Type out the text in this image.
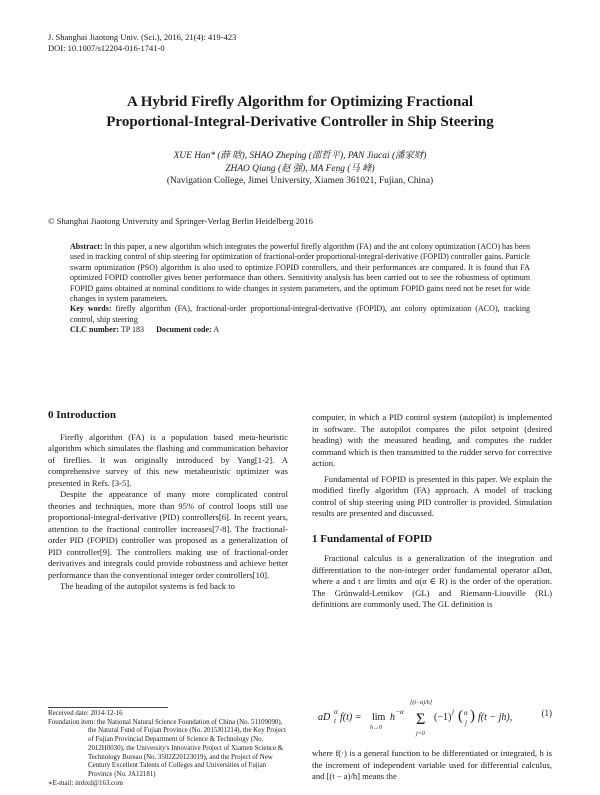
J. Shanghai Jiaotong Univ. (Sci.), 2016, 21(4): 419-423
DOI: 10.1007/s12204-016-1741-0
A Hybrid Firefly Algorithm for Optimizing Fractional
Proportional-Integral-Derivative Controller in Ship Steering
XUE Han* (薛 晗), SHAO Zheping (邵哲平), PAN Jiacai (潘家财)
ZHAO Qiang (赵 强), MA Feng (马 峰)
(Navigation College, Jimei University, Xiamen 361021, Fujian, China)
© Shanghai Jiaotong University and Springer-Verlag Berlin Heidelberg 2016
Abstract: In this paper, a new algorithm which integrates the powerful firefly algorithm (FA) and the ant colony optimization (ACO) has been used in tracking control of ship steering for optimization of fractional-order proportional-integral-derivative (FOPID) controller gains. Particle swarm optimization (PSO) algorithm is also used to optimize FOPID controllers, and their performances are compared. It is found that FA optimized FOPID controller gives better performance than others. Sensitivity analysis has been carried out to see the robustness of optimum FOPID gains obtained at nominal conditions to wide changes in system parameters, and the optimum FOPID gains need not be reset for wide changes in system parameters.
Key words: firefly algorithm (FA), fractional-order proportional-integral-derivative (FOPID), ant colony optimization (ACO), tracking control, ship steering
CLC number: TP 183 Document code: A
0 Introduction

Firefly algorithm (FA) is a population based meta-heuristic algorithm which simulates the flashing and communication behavior of fireflies. It was originally introduced by Yang[1-2]. A comprehensive survey of this new metaheuristic optimizer was presented in Refs. [3-5].

Despite the appearance of many more complicated control theories and techniques, more than 95% of control loops still use proportional-integral-derivative (PID) controllers[6]. In recent years, attention to the fractional controller increases[7-8]. The fractional-order PID (FOPID) controller was proposed as a generalization of PID controller[9]. The controllers making use of fractional-order derivatives and integrals could provide robustness and achieve better performance than the conventional integer order controllers[10].

The heading of the autopilot systems is fed back to

computer, in which a PID control system (autopilot) is implemented in software. The autopilot compares the pilot setpoint (desired heading) with the measured heading, and computes the rudder command which is then transmitted to the rudder servo for corrective action.

Fundamental of FOPID is presented in this paper. We explain the modified firefly algorithm (FA) approach. A model of tracking control of ship steering using PID controller is provided. Simulation results are presented and discussed.

1 Fundamental of FOPID

Fractional calculus is a generalization of the integration and differentiation to the non-integer order fundamental operator aDαt, where a and t are limits and α(α ∈ R) is the order of the operation. The Grünwald-Letnikov (GL) and Riemann-Liouville (RL) definitions are commonly used. The GL definition is

aD α
t f(t) = lim
h→0
h −α Σ
[(t−a)/h]
j=0
(−1) j ( α
j ) f(t − jh),	(1)

where f(·) is a general function to be differentiated or integrated, h is the increment of independent variable used for differential calculus, and [(t − a)/h] means the

Received date: 2014-12-16
Foundation item: the National Natural Science Foundation of China (No. 51109090), the Natural Fund of Fujian Province (No. 2015J01214), the Key Project of Fujian Provincial Department of Science & Technology (No. 2012H0030), the University's Innovative Project of Xiamen Science & Technology Bureau (No. 3502Z20123019), and the Project of New Century Excellent Talents of Colleges and Universities of Fujian Province (No. JA12181)
∗E-mail: imhxd@163.com
